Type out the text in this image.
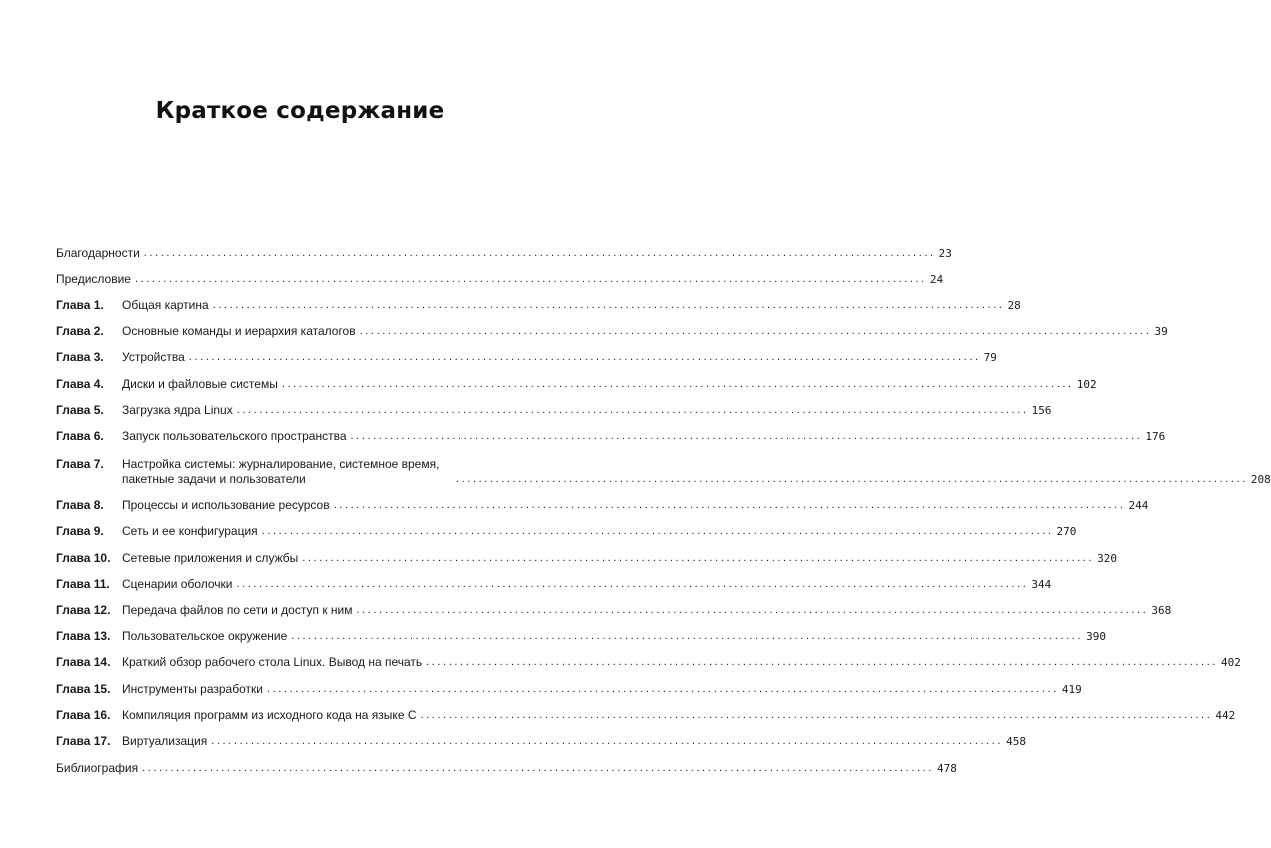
Краткое содержание
Благодарности ............................................................................................................................................ 23
Предисловие ............................................................................................................................................ 24
Глава 1. Общая картина ............................................................................................................................................ 28
Глава 2. Основные команды и иерархия каталогов ............................................................................................................................................ 39
Глава 3. Устройства ............................................................................................................................................ 79
Глава 4. Диски и файловые системы ............................................................................................................................................ 102
Глава 5. Загрузка ядра Linux ............................................................................................................................................ 156
Глава 6. Запуск пользовательского пространства ............................................................................................................................................ 176
Глава 7. Настройка системы: журналирование, системное время, пакетные задачи и пользователи	............................................................................................................................................ 208
Глава 8. Процессы и использование ресурсов ............................................................................................................................................ 244
Глава 9. Сеть и ее конфигурация ............................................................................................................................................ 270
Глава 10. Сетевые приложения и службы ............................................................................................................................................ 320
Глава 11. Сценарии оболочки ............................................................................................................................................ 344
Глава 12. Передача файлов по сети и доступ к ним ............................................................................................................................................ 368
Глава 13. Пользовательское окружение ............................................................................................................................................ 390
Глава 14. Краткий обзор рабочего стола Linux. Вывод на печать ............................................................................................................................................ 402
Глава 15. Инструменты разработки ............................................................................................................................................ 419
Глава 16. Компиляция программ из исходного кода на языке C ............................................................................................................................................ 442
Глава 17. Виртуализация ............................................................................................................................................ 458
Библиография ............................................................................................................................................ 478
